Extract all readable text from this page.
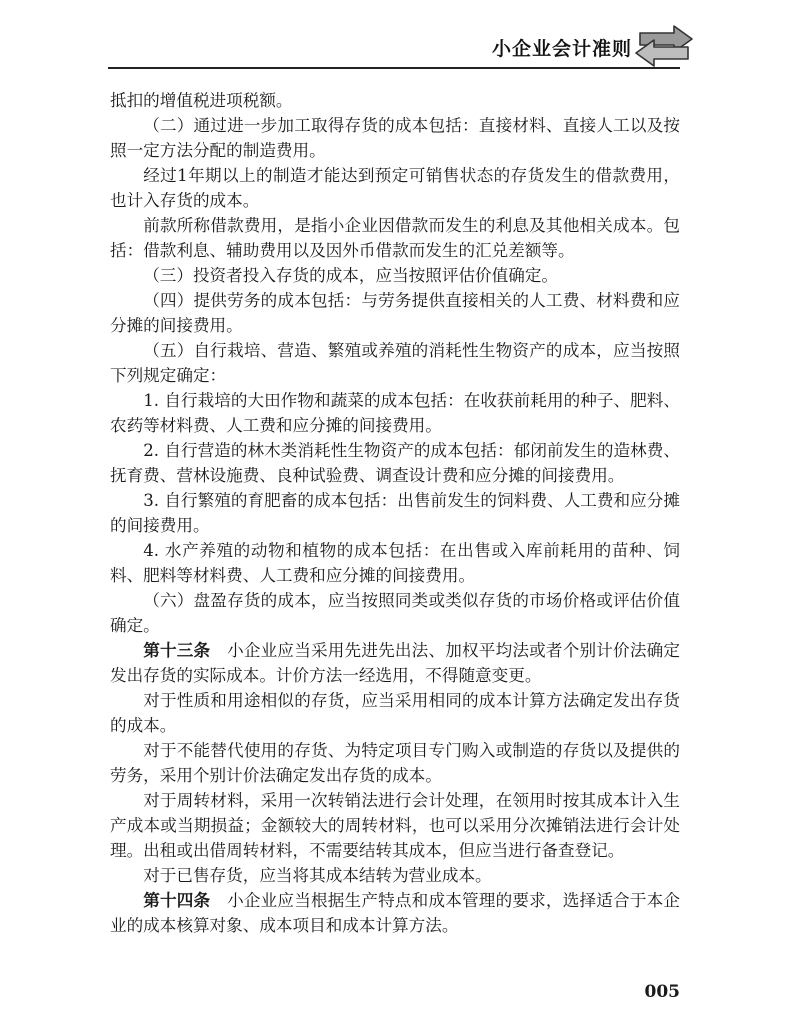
小企业会计准则

抵扣的增值税进项税额。

（二）通过进一步加工取得存货的成本包括：直接材料、直接人工以及按照一定方法分配的制造费用。

经过1年期以上的制造才能达到预定可销售状态的存货发生的借款费用，也计入存货的成本。

前款所称借款费用，是指小企业因借款而发生的利息及其他相关成本。包括：借款利息、辅助费用以及因外币借款而发生的汇兑差额等。

（三）投资者投入存货的成本，应当按照评估价值确定。

（四）提供劳务的成本包括：与劳务提供直接相关的人工费、材料费和应分摊的间接费用。

（五）自行栽培、营造、繁殖或养殖的消耗性生物资产的成本，应当按照下列规定确定：

1. 自行栽培的大田作物和蔬菜的成本包括：在收获前耗用的种子、肥料、农药等材料费、人工费和应分摊的间接费用。

2. 自行营造的林木类消耗性生物资产的成本包括：郁闭前发生的造林费、抚育费、营林设施费、良种试验费、调查设计费和应分摊的间接费用。

3. 自行繁殖的育肥畜的成本包括：出售前发生的饲料费、人工费和应分摊的间接费用。

4. 水产养殖的动物和植物的成本包括：在出售或入库前耗用的苗种、饲料、肥料等材料费、人工费和应分摊的间接费用。

（六）盘盈存货的成本，应当按照同类或类似存货的市场价格或评估价值确定。

第十三条　小企业应当采用先进先出法、加权平均法或者个别计价法确定发出存货的实际成本。计价方法一经选用，不得随意变更。

对于性质和用途相似的存货，应当采用相同的成本计算方法确定发出存货的成本。

对于不能替代使用的存货、为特定项目专门购入或制造的存货以及提供的劳务，采用个别计价法确定发出存货的成本。

对于周转材料，采用一次转销法进行会计处理，在领用时按其成本计入生产成本或当期损益；金额较大的周转材料，也可以采用分次摊销法进行会计处理。出租或出借周转材料，不需要结转其成本，但应当进行备查登记。

对于已售存货，应当将其成本结转为营业成本。

第十四条　小企业应当根据生产特点和成本管理的要求，选择适合于本企业的成本核算对象、成本项目和成本计算方法。

005
